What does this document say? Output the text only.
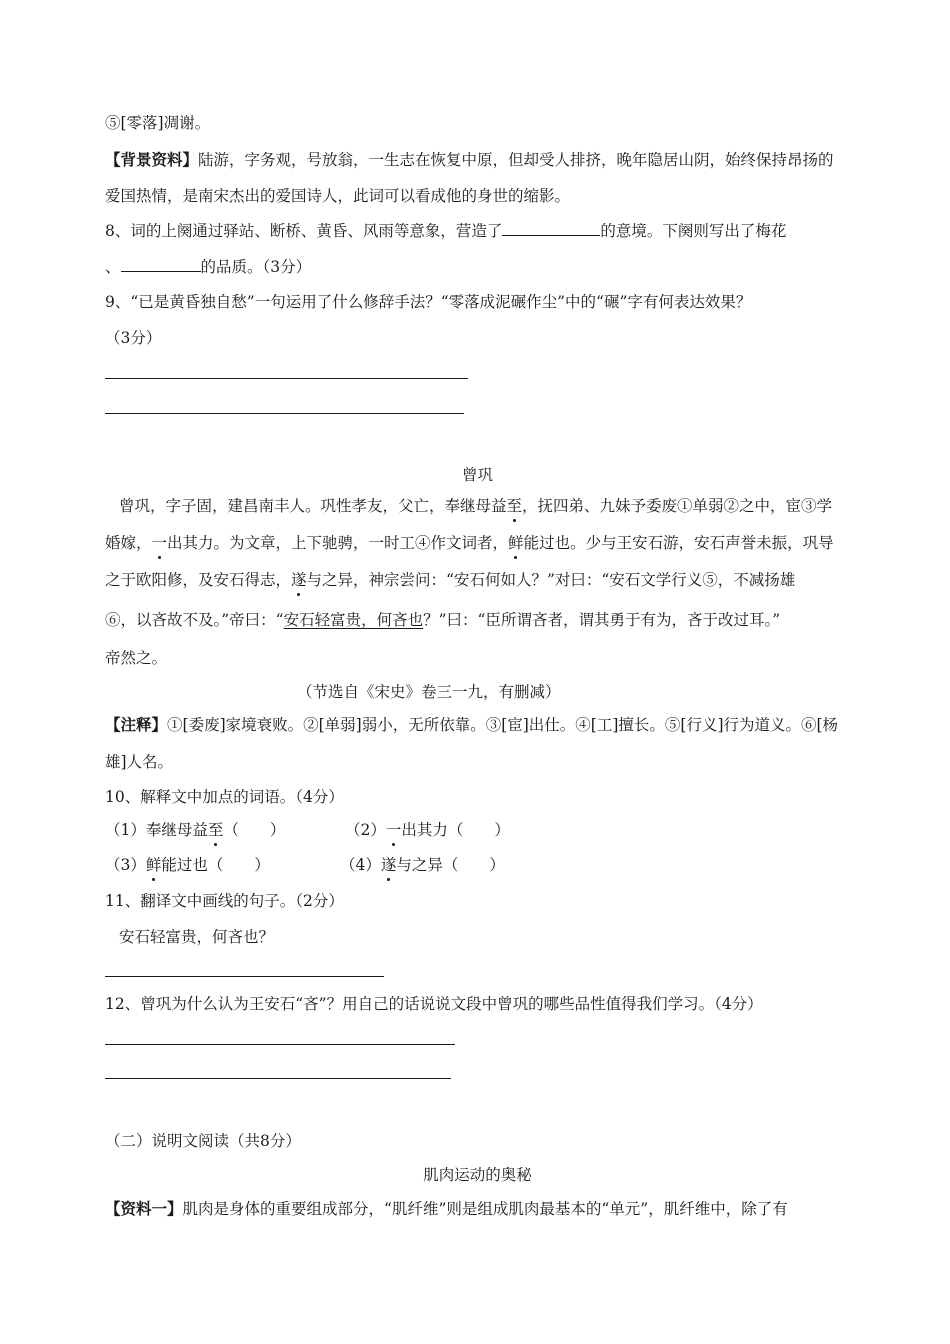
⑤[零落]凋谢。
【背景资料】陆游，字务观，号放翁，一生志在恢复中原，但却受人排挤，晚年隐居山阴，始终保持昂扬的
爱国热情，是南宋杰出的爱国诗人，此词可以看成他的身世的缩影。
8、词的上阕通过驿站、断桥、黄昏、风雨等意象，营造了	的意境。下阕则写出了梅花
、	的品质。（3分）
9、“已是黄昏独自愁”一句运用了什么修辞手法？“零落成泥碾作尘”中的“碾”字有何表达效果？
（3分）
曾巩
曾巩，字子固，建昌南丰人。巩性孝友，父亡，奉继母益至，抚四弟、九妹予委废①单弱②之中，宦③学
婚嫁，一出其力。为文章，上下驰骋，一时工④作文词者，鲜能过也。少与王安石游，安石声誉未振，巩导
之于欧阳修，及安石得志，遂与之异，神宗尝问：“安石何如人？”对曰：“安石文学行义⑤，不减扬雄
⑥，以吝故不及。”帝曰：“安石轻富贵，何吝也？”曰：“臣所谓吝者，谓其勇于有为，吝于改过耳。”
帝然之。
（节选自《宋史》卷三一九，有删减）
【注释】①[委废]家境衰败。②[单弱]弱小，无所依靠。③[宦]出仕。④[工]擅长。⑤[行义]行为道义。⑥[杨
雄]人名。
10、解释文中加点的词语。（4分）
（1）奉继母益至（　　）	（2）一出其力（　　）
（3）鲜能过也（　　）	（4）遂与之异（　　）
11、翻译文中画线的句子。（2分）
安石轻富贵，何吝也？
12、曾巩为什么认为王安石“吝”？用自己的话说说文段中曾巩的哪些品性值得我们学习。（4分）
（二）说明文阅读（共8分）
肌肉运动的奥秘
【资料一】肌肉是身体的重要组成部分，“肌纤维”则是组成肌肉最基本的“单元”，肌纤维中，除了有
